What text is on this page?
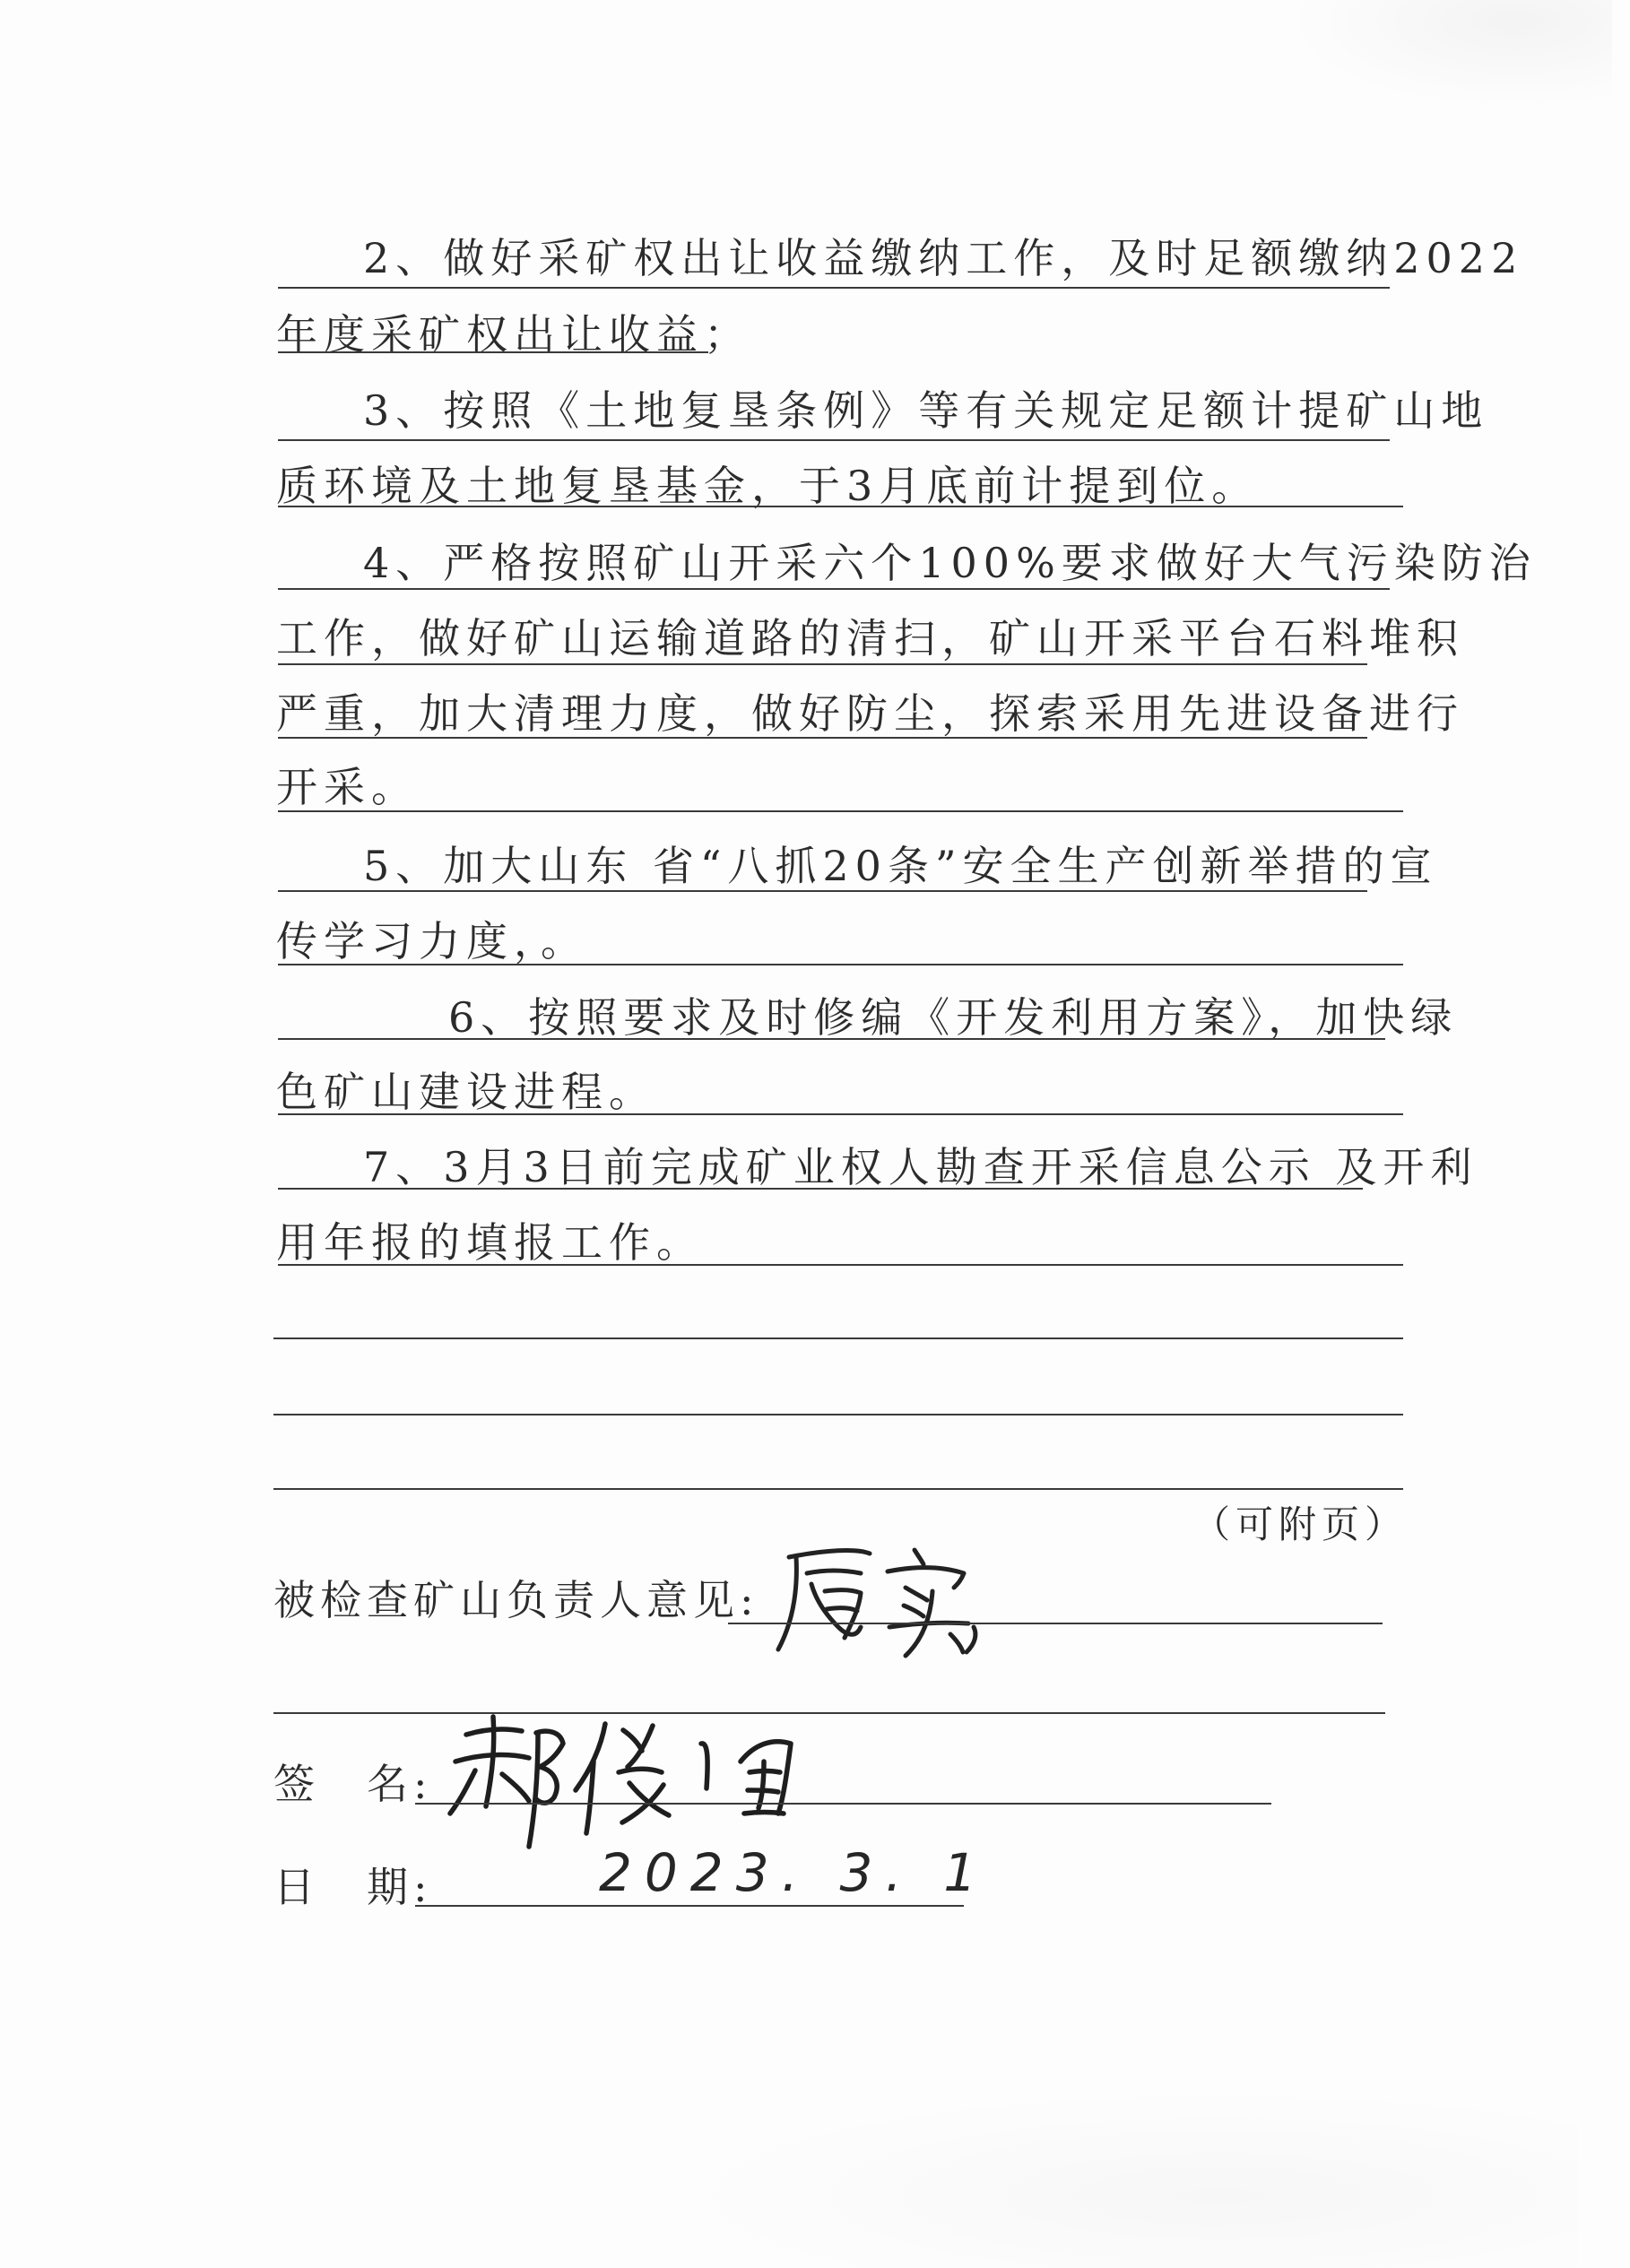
2、做好采矿权出让收益缴纳工作，及时足额缴纳2022
年度采矿权出让收益；
3、按照《土地复垦条例》等有关规定足额计提矿山地
质环境及土地复垦基金，于3月底前计提到位。
4、严格按照矿山开采六个100%要求做好大气污染防治
工作，做好矿山运输道路的清扫，矿山开采平台石料堆积
严重，加大清理力度，做好防尘，探索采用先进设备进行
开采。
5、加大山东 省“八抓20条”安全生产创新举措的宣
传学习力度，。
6、按照要求及时修编《开发利用方案》，加快绿
色矿山建设进程。
7、3月3日前完成矿业权人勘查开采信息公示 及开利
用年报的填报工作。
（可附页）
被检查矿山负责人意见:
签　名:
日　期:	2023. 3. 1
